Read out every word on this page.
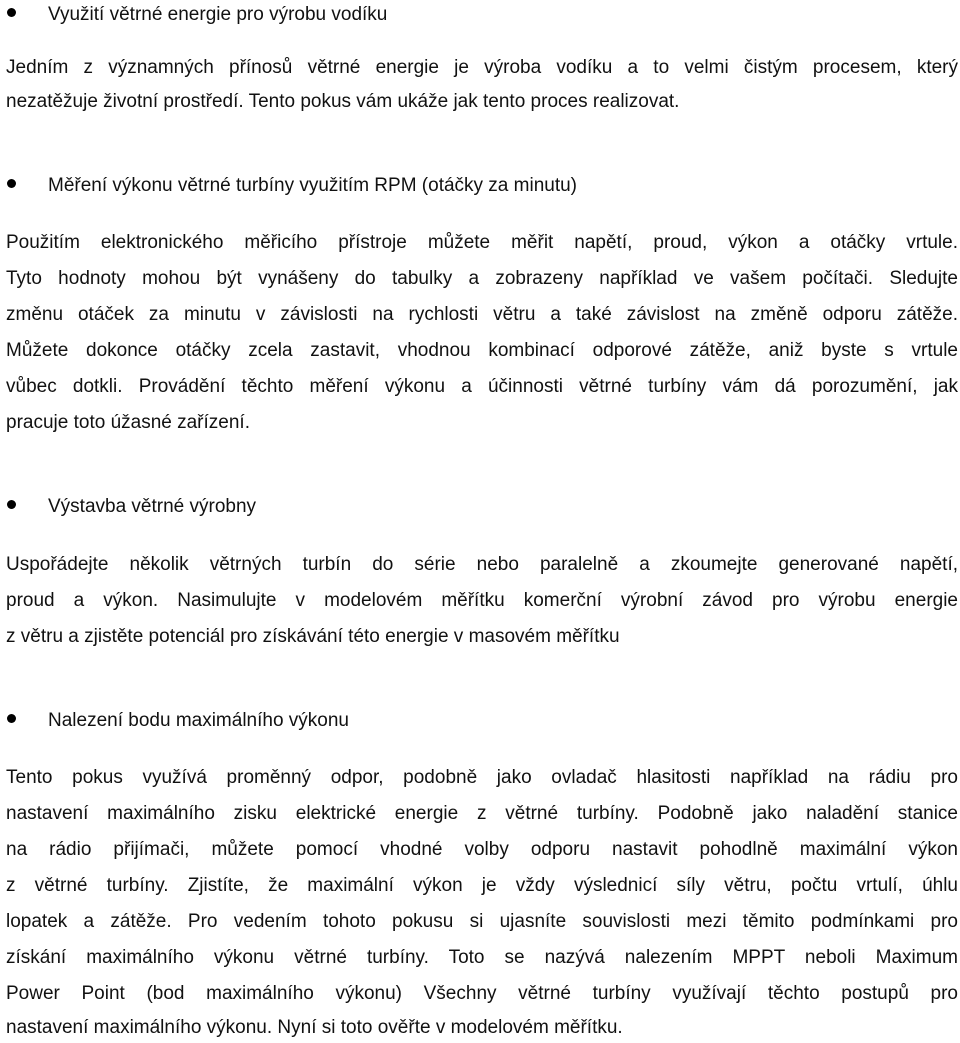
Využití větrné energie pro výrobu vodíku
Jedním z významných přínosů větrné energie je výroba vodíku a to velmi čistým procesem, který
nezatěžuje životní prostředí. Tento pokus vám ukáže jak tento proces realizovat.
Měření výkonu větrné turbíny využitím RPM (otáčky za minutu)
Použitím elektronického měřicího přístroje můžete měřit napětí, proud, výkon a otáčky vrtule.
Tyto hodnoty mohou být vynášeny do tabulky a zobrazeny například ve vašem počítači. Sledujte
změnu otáček za minutu v závislosti na rychlosti větru a také závislost na změně odporu zátěže.
Můžete dokonce otáčky zcela zastavit, vhodnou kombinací odporové zátěže, aniž byste s vrtule
vůbec dotkli. Provádění těchto měření výkonu a účinnosti větrné turbíny vám dá porozumění, jak
pracuje toto úžasné zařízení.
Výstavba větrné výrobny
Uspořádejte několik větrných turbín do série nebo paralelně a zkoumejte generované napětí,
proud a výkon. Nasimulujte v modelovém měřítku komerční výrobní závod pro výrobu energie
z větru a zjistěte potenciál pro získávání této energie v masovém měřítku
Nalezení bodu maximálního výkonu
Tento pokus využívá proměnný odpor, podobně jako ovladač hlasitosti například na rádiu pro
nastavení maximálního zisku elektrické energie z větrné turbíny. Podobně jako naladění stanice
na rádio přijímači, můžete pomocí vhodné volby odporu nastavit pohodlně maximální výkon
z větrné turbíny. Zjistíte, že maximální výkon je vždy výslednicí síly větru, počtu vrtulí, úhlu
lopatek a zátěže. Pro vedením tohoto pokusu si ujasníte souvislosti mezi těmito podmínkami pro
získání maximálního výkonu větrné turbíny. Toto se nazývá nalezením MPPT neboli Maximum
Power Point (bod maximálního výkonu) Všechny větrné turbíny využívají těchto postupů pro
nastavení maximálního výkonu. Nyní si toto ověřte v modelovém měřítku.
